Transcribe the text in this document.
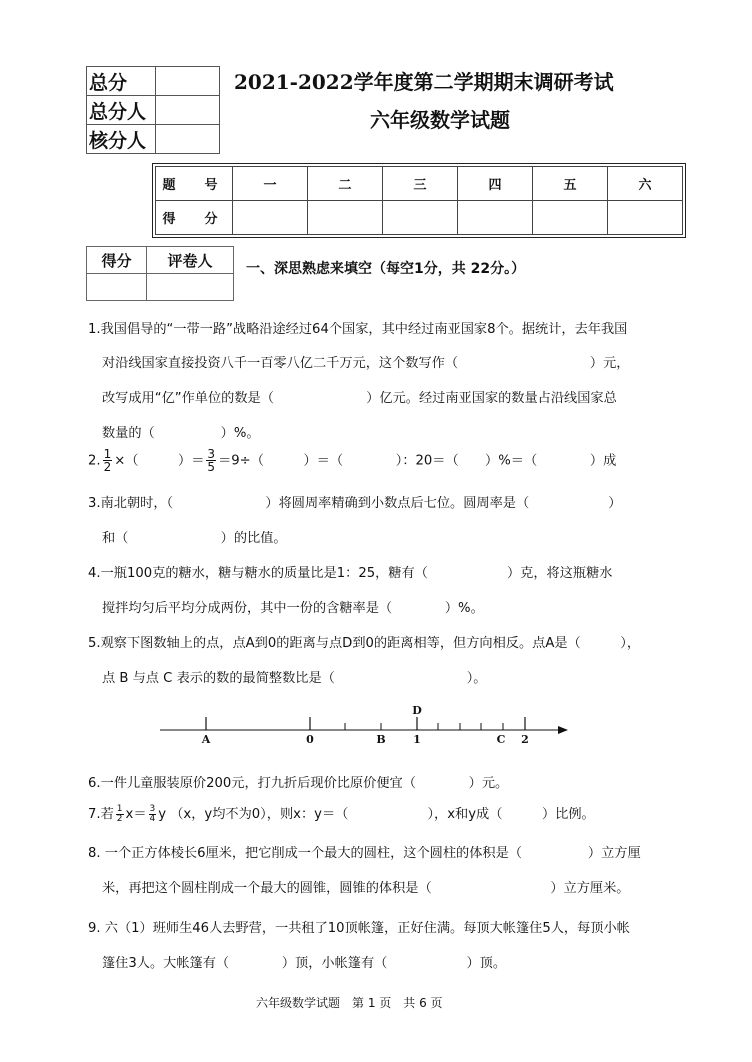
总分	
总分人	
核分人	
2021-2022学年度第二学期期末调研考试
六年级数学试题
题　号	一	二	三	四	五	六
得　分						
得分	评卷人
	一、深思熟虑来填空（每空1分，共 22分。）
1.我国倡导的“一带一路”战略沿途经过64个国家，其中经过南亚国家8个。据统计，去年我国
对沿线国家直接投资八千一百零八亿二千万元，这个数写作（　　　　　　　　　　）元，
改写成用“亿”作单位的数是（　　　　　　　）亿元。经过南亚国家的数量占沿线国家总
数量的（　　　　　）%。
2. $\frac{1}{2}$ ×（　　　）＝ $\frac{3}{5} =9\div$（　　　）＝（　　　　）：20＝（　　）%＝（　　　　）成
3.南北朝时，（　　　　　　　）将圆周率精确到小数点后七位。圆周率是（　　　　　　）
和（　　　　　　　）的比值。
4.一瓶100克的糖水，糖与糖水的质量比是1：25，糖有（　　　　　　）克，将这瓶糖水
搅拌均匀后平均分成两份，其中一份的含糖率是（　　　　）%。
5.观察下图数轴上的点，点A到0的距离与点D到0的距离相等，但方向相反。点A是（　　　），
点 B 与点 C 表示的数的最简整数比是（　　　　　　　　　　）。
A	0	B
D
1	C 2
6.一件儿童服装原价200元，打九折后现价比原价便宜（　　　　）元。
7.若 $\frac{1}{2} x= \frac{3}{4}$ y （x，y均不为0），则x：y＝（　　　　　　），x和y成（　　　）比例。
8. 一个正方体棱长6厘米，把它削成一个最大的圆柱，这个圆柱的体积是（　　　　　）立方厘
米，再把这个圆柱削成一个最大的圆锥，圆锥的体积是（　　　　　　　　　）立方厘米。
9. 六（1）班师生46人去野营，一共租了10顶帐篷，正好住满。每顶大帐篷住5人，每顶小帐
篷住3人。大帐篷有（　　　　）顶，小帐篷有（　　　　　　）顶。
六年级数学试题　第 1 页　共 6 页
